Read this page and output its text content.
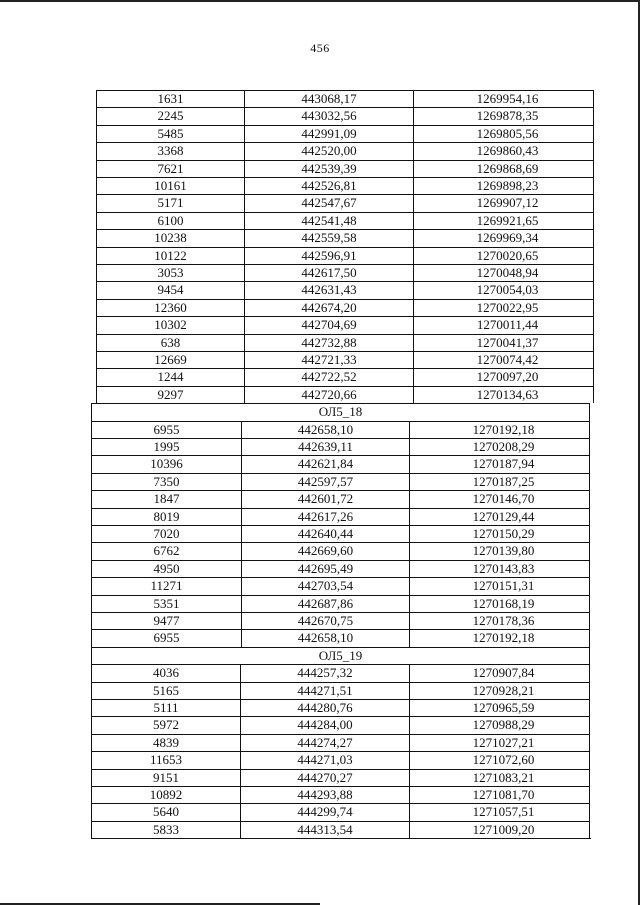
456
1631	443068,17	1269954,16
2245	443032,56	1269878,35
5485	442991,09	1269805,56
3368	442520,00	1269860,43
7621	442539,39	1269868,69
10161	442526,81	1269898,23
5171	442547,67	1269907,12
6100	442541,48	1269921,65
10238	442559,58	1269969,34
10122	442596,91	1270020,65
3053	442617,50	1270048,94
9454	442631,43	1270054,03
12360	442674,20	1270022,95
10302	442704,69	1270011,44
638	442732,88	1270041,37
12669	442721,33	1270074,42
1244	442722,52	1270097,20
9297	442720,66	1270134,63
ОЛ5_18
6955	442658,10	1270192,18
1995	442639,11	1270208,29
10396	442621,84	1270187,94
7350	442597,57	1270187,25
1847	442601,72	1270146,70
8019	442617,26	1270129,44
7020	442640,44	1270150,29
6762	442669,60	1270139,80
4950	442695,49	1270143,83
11271	442703,54	1270151,31
5351	442687,86	1270168,19
9477	442670,75	1270178,36
6955	442658,10	1270192,18
ОЛ5_19
4036	444257,32	1270907,84
5165	444271,51	1270928,21
5111	444280,76	1270965,59
5972	444284,00	1270988,29
4839	444274,27	1271027,21
11653	444271,03	1271072,60
9151	444270,27	1271083,21
10892	444293,88	1271081,70
5640	444299,74	1271057,51
5833	444313,54	1271009,20
